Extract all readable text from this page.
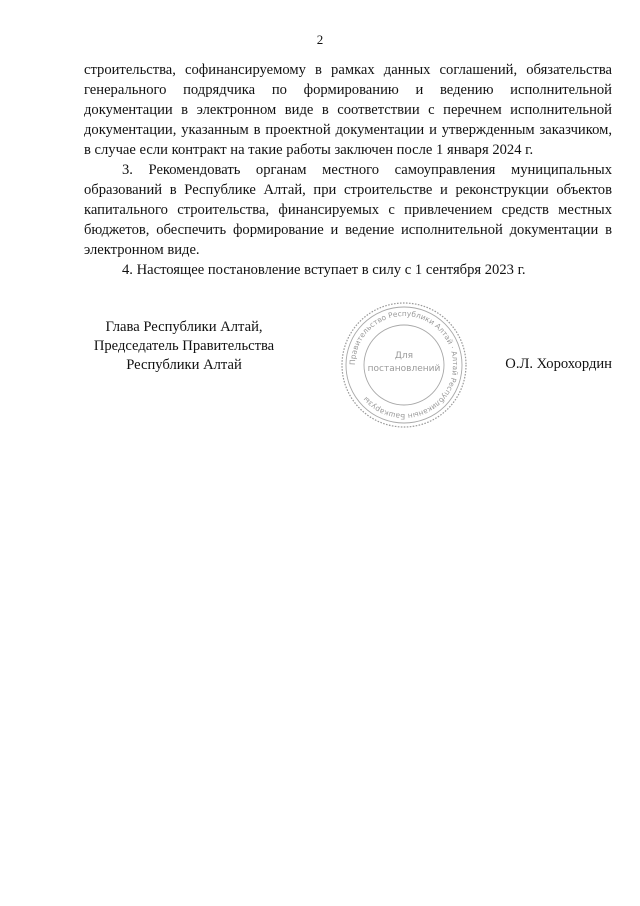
2

строительства, софинансируемому в рамках данных соглашений, обязательства генерального подрядчика по формированию и ведению исполнительной документации в электронном виде в соответствии с перечнем исполнительной документации, указанным в проектной документации и утвержденным заказчиком, в случае если контракт на такие работы заключен после 1 января 2024 г.

3. Рекомендовать органам местного самоуправления муниципальных образований в Республике Алтай, при строительстве и реконструкции объектов капитального строительства, финансируемых с привлечением средств местных бюджетов, обеспечить формирование и ведение исполнительной документации в электронном виде.

4. Настоящее постановление вступает в силу с 1 сентября 2023 г.

Глава Республики Алтай,
Председатель Правительства
Республики Алтай	Правительство Республики Алтай · Алтай Республиканын Башкарузы
Для
постановлений	О.Л. Хорохордин
